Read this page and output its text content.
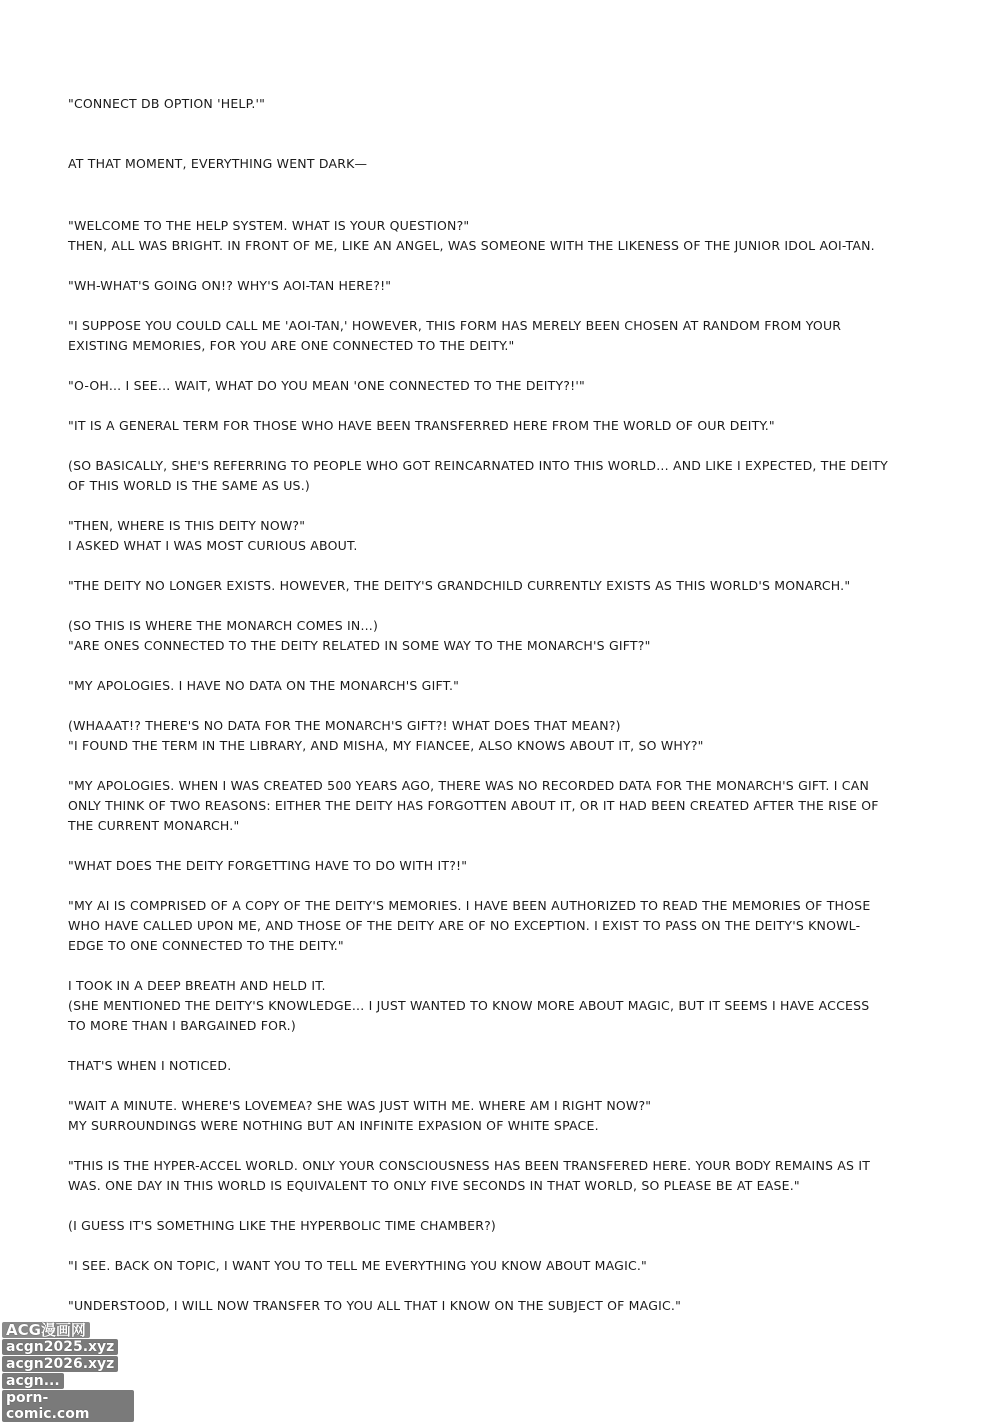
"CONNECT DB OPTION 'HELP.'"
AT THAT MOMENT, EVERYTHING WENT DARK—
"WELCOME TO THE HELP SYSTEM. WHAT IS YOUR QUESTION?"
THEN, ALL WAS BRIGHT. IN FRONT OF ME, LIKE AN ANGEL, WAS SOMEONE WITH THE LIKENESS OF THE JUNIOR IDOL AOI-TAN.
"WH-WHAT'S GOING ON!? WHY'S AOI-TAN HERE?!"
"I SUPPOSE YOU COULD CALL ME 'AOI-TAN,' HOWEVER, THIS FORM HAS MERELY BEEN CHOSEN AT RANDOM FROM YOUR
EXISTING MEMORIES, FOR YOU ARE ONE CONNECTED TO THE DEITY."
"O-OH... I SEE... WAIT, WHAT DO YOU MEAN 'ONE CONNECTED TO THE DEITY?!'"
"IT IS A GENERAL TERM FOR THOSE WHO HAVE BEEN TRANSFERRED HERE FROM THE WORLD OF OUR DEITY."
(SO BASICALLY, SHE'S REFERRING TO PEOPLE WHO GOT REINCARNATED INTO THIS WORLD... AND LIKE I EXPECTED, THE DEITY
OF THIS WORLD IS THE SAME AS US.)
"THEN, WHERE IS THIS DEITY NOW?"
I ASKED WHAT I WAS MOST CURIOUS ABOUT.
"THE DEITY NO LONGER EXISTS. HOWEVER, THE DEITY'S GRANDCHILD CURRENTLY EXISTS AS THIS WORLD'S MONARCH."
(SO THIS IS WHERE THE MONARCH COMES IN...)
"ARE ONES CONNECTED TO THE DEITY RELATED IN SOME WAY TO THE MONARCH'S GIFT?"
"MY APOLOGIES. I HAVE NO DATA ON THE MONARCH'S GIFT."
(WHAAAT!? THERE'S NO DATA FOR THE MONARCH'S GIFT?! WHAT DOES THAT MEAN?)
"I FOUND THE TERM IN THE LIBRARY, AND MISHA, MY FIANCEE, ALSO KNOWS ABOUT IT, SO WHY?"
"MY APOLOGIES. WHEN I WAS CREATED 500 YEARS AGO, THERE WAS NO RECORDED DATA FOR THE MONARCH'S GIFT. I CAN
ONLY THINK OF TWO REASONS: EITHER THE DEITY HAS FORGOTTEN ABOUT IT, OR IT HAD BEEN CREATED AFTER THE RISE OF
THE CURRENT MONARCH."
"WHAT DOES THE DEITY FORGETTING HAVE TO DO WITH IT?!"
"MY AI IS COMPRISED OF A COPY OF THE DEITY'S MEMORIES. I HAVE BEEN AUTHORIZED TO READ THE MEMORIES OF THOSE
WHO HAVE CALLED UPON ME, AND THOSE OF THE DEITY ARE OF NO EXCEPTION. I EXIST TO PASS ON THE DEITY'S KNOWL-
EDGE TO ONE CONNECTED TO THE DEITY."
I TOOK IN A DEEP BREATH AND HELD IT.
(SHE MENTIONED THE DEITY'S KNOWLEDGE... I JUST WANTED TO KNOW MORE ABOUT MAGIC, BUT IT SEEMS I HAVE ACCESS
TO MORE THAN I BARGAINED FOR.)
THAT'S WHEN I NOTICED.
"WAIT A MINUTE. WHERE'S LOVEMEA? SHE WAS JUST WITH ME. WHERE AM I RIGHT NOW?"
MY SURROUNDINGS WERE NOTHING BUT AN INFINITE EXPASION OF WHITE SPACE.
"THIS IS THE HYPER-ACCEL WORLD. ONLY YOUR CONSCIOUSNESS HAS BEEN TRANSFERED HERE. YOUR BODY REMAINS AS IT
WAS. ONE DAY IN THIS WORLD IS EQUIVALENT TO ONLY FIVE SECONDS IN THAT WORLD, SO PLEASE BE AT EASE."
(I GUESS IT'S SOMETHING LIKE THE HYPERBOLIC TIME CHAMBER?)
"I SEE. BACK ON TOPIC, I WANT YOU TO TELL ME EVERYTHING YOU KNOW ABOUT MAGIC."
"UNDERSTOOD, I WILL NOW TRANSFER TO YOU ALL THAT I KNOW ON THE SUBJECT OF MAGIC."
ACG漫画网
acgn2025.xyz
acgn2026.xyz
acgn...
porn-comic.com
